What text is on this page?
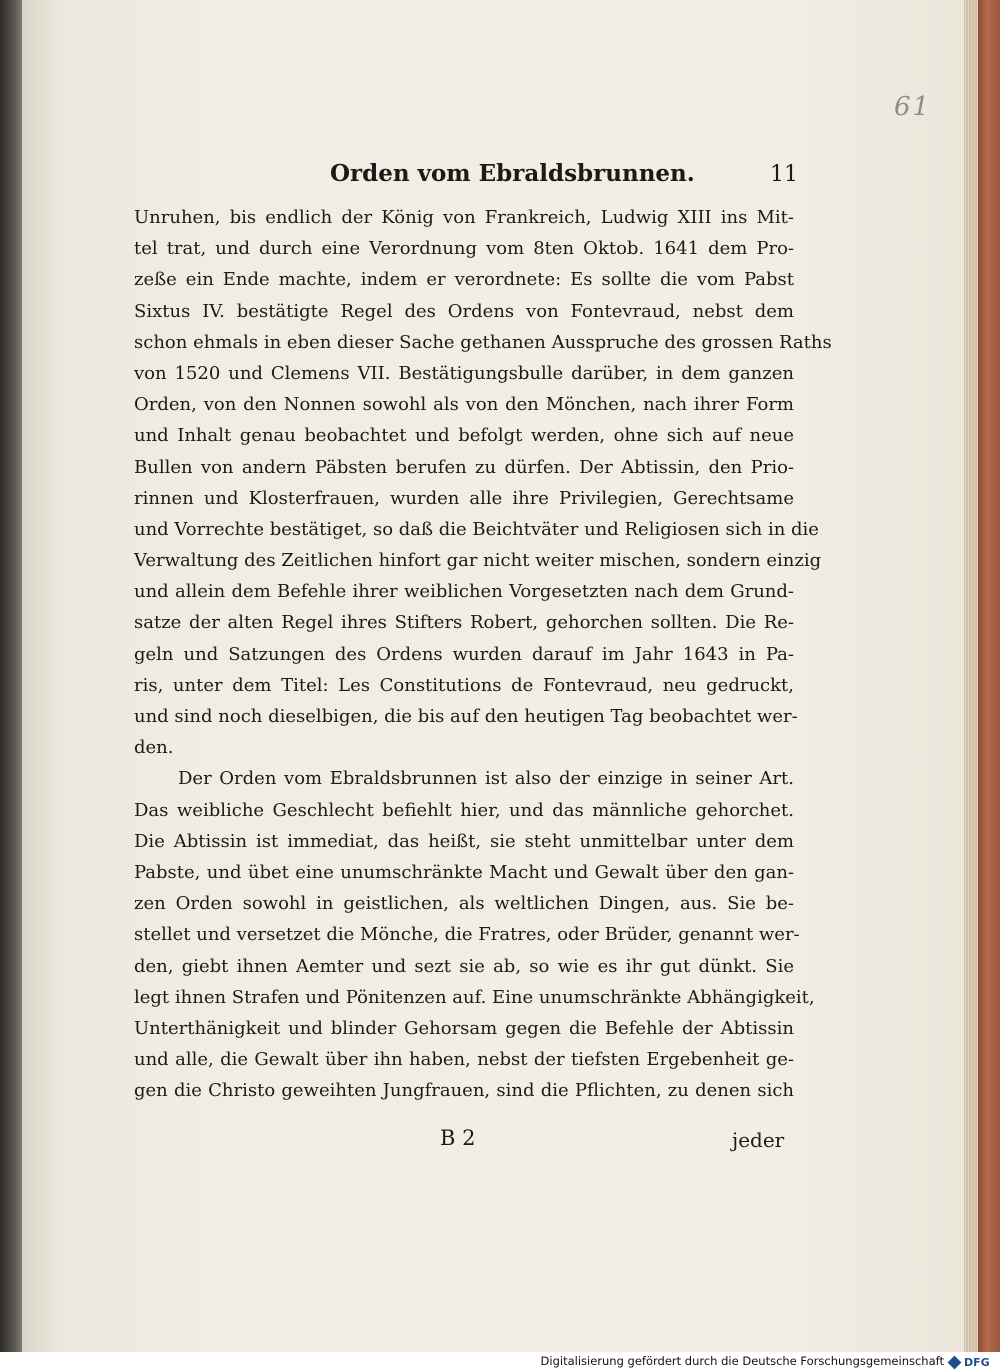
61
Orden vom Ebraldsbrunnen.	11
Unruhen, bis endlich der König von Frankreich, Ludwig XIII ins Mit-
tel trat, und durch eine Verordnung vom 8ten Oktob. 1641 dem Pro-
zeße ein Ende machte, indem er verordnete: Es sollte die vom Pabst
Sixtus IV. bestätigte Regel des Ordens von Fontevraud, nebst dem
schon ehmals in eben dieser Sache gethanen Ausspruche des grossen Raths
von 1520 und Clemens VII. Bestätigungsbulle darüber, in dem ganzen
Orden, von den Nonnen sowohl als von den Mönchen, nach ihrer Form
und Inhalt genau beobachtet und befolgt werden, ohne sich auf neue
Bullen von andern Päbsten berufen zu dürfen. Der Abtissin, den Prio-
rinnen und Klosterfrauen, wurden alle ihre Privilegien, Gerechtsame
und Vorrechte bestätiget, so daß die Beichtväter und Religiosen sich in die
Verwaltung des Zeitlichen hinfort gar nicht weiter mischen, sondern einzig
und allein dem Befehle ihrer weiblichen Vorgesetzten nach dem Grund-
satze der alten Regel ihres Stifters Robert, gehorchen sollten. Die Re-
geln und Satzungen des Ordens wurden darauf im Jahr 1643 in Pa-
ris, unter dem Titel: Les Constitutions de Fontevraud, neu gedruckt,
und sind noch dieselbigen, die bis auf den heutigen Tag beobachtet wer-
den.
Der Orden vom Ebraldsbrunnen ist also der einzige in seiner Art.
Das weibliche Geschlecht befiehlt hier, und das männliche gehorchet.
Die Abtissin ist immediat, das heißt, sie steht unmittelbar unter dem
Pabste, und übet eine unumschränkte Macht und Gewalt über den gan-
zen Orden sowohl in geistlichen, als weltlichen Dingen, aus. Sie be-
stellet und versetzet die Mönche, die Fratres, oder Brüder, genannt wer-
den, giebt ihnen Aemter und sezt sie ab, so wie es ihr gut dünkt. Sie
legt ihnen Strafen und Pönitenzen auf. Eine unumschränkte Abhängigkeit,
Unterthänigkeit und blinder Gehorsam gegen die Befehle der Abtissin
und alle, die Gewalt über ihn haben, nebst der tiefsten Ergebenheit ge-
gen die Christo geweihten Jungfrauen, sind die Pflichten, zu denen sich
B 2	jeder
Digitalisierung gefördert durch die Deutsche Forschungsgemeinschaft DFG
